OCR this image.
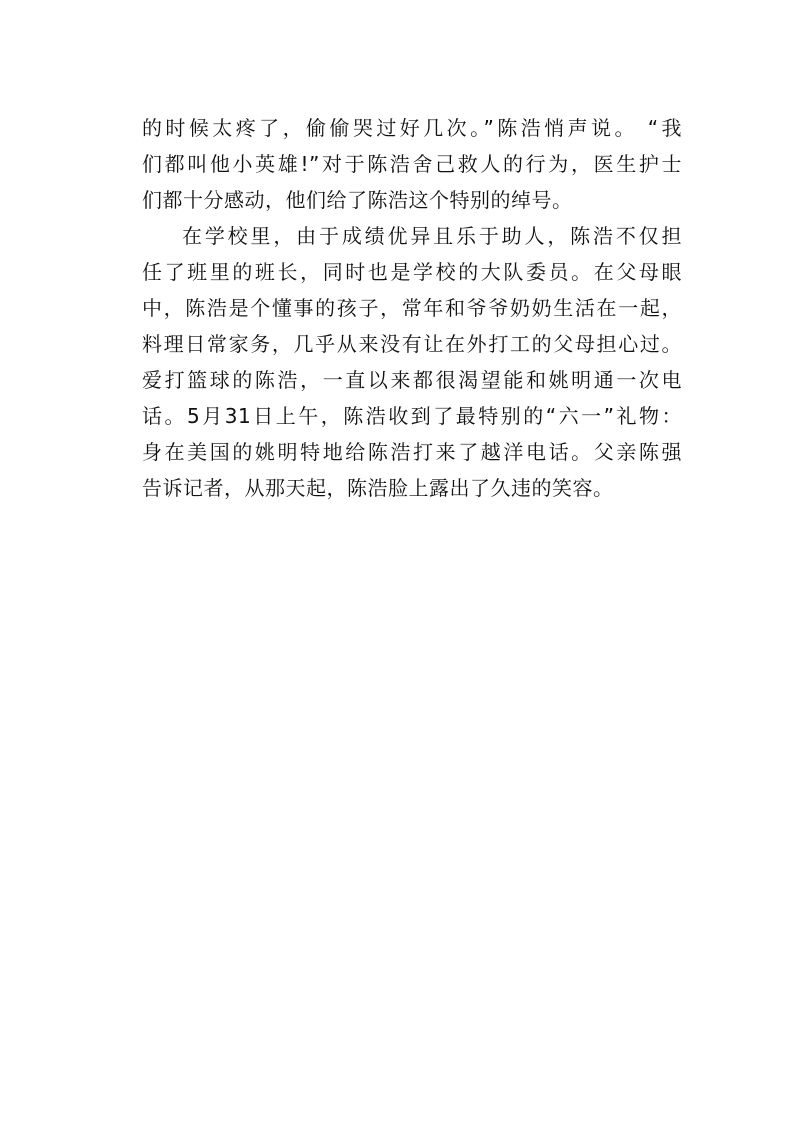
的时候太疼了，偷偷哭过好几次。”陈浩悄声说。 “我
们都叫他小英雄!”对于陈浩舍己救人的行为，医生护士
们都十分感动，他们给了陈浩这个特别的绰号。
在学校里，由于成绩优异且乐于助人，陈浩不仅担
任了班里的班长，同时也是学校的大队委员。在父母眼
中，陈浩是个懂事的孩子，常年和爷爷奶奶生活在一起，
料理日常家务，几乎从来没有让在外打工的父母担心过。
爱打篮球的陈浩，一直以来都很渴望能和姚明通一次电
话。5月31日上午，陈浩收到了最特别的“六一”礼物：
身在美国的姚明特地给陈浩打来了越洋电话。父亲陈强
告诉记者，从那天起，陈浩脸上露出了久违的笑容。
